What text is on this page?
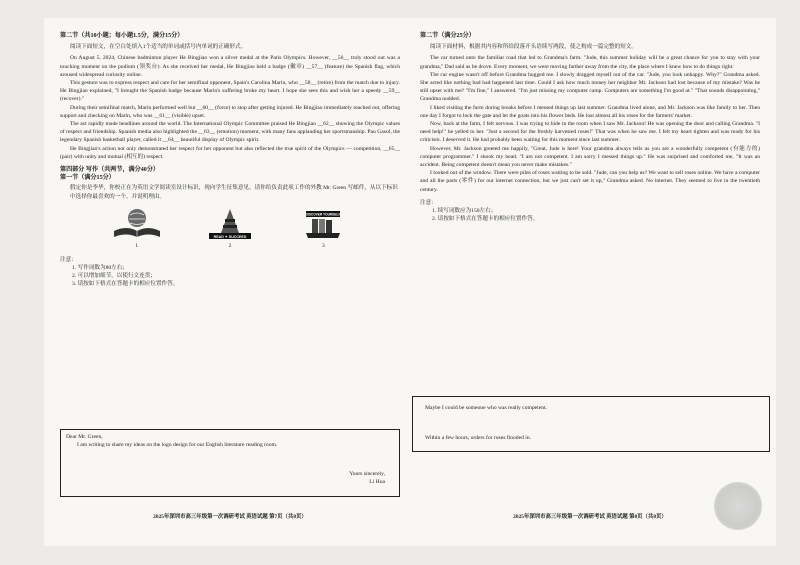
第二节（共10小题；每小题1.5分，满分15分）
阅读下面短文，在空白处填入1个适当的单词或括号内单词的正确形式。

On August 5, 2024, Chinese badminton player He Bingjiao won a silver medal at the Paris Olympics. However, __56__ truly stood out was a touching moment on the podium (领奖台). As she received her medal, He Bingjiao held a badge (徽章) __57__ (feature) the Spanish flag, which aroused widespread curiosity online.

This gesture was to express respect and care for her semifinal opponent, Spain's Carolina Marin, who __58__ (retire) from the match due to injury. He Bingjiao explained, "I brought the Spanish badge because Marin's suffering broke my heart. I hope she sees this and wish her a speedy __59__ (recover)."

During their semifinal match, Marin performed well but __60__ (force) to stop after getting injured. He Bingjiao immediately reached out, offering support and checking on Marin, who was __61__ (visible) upset.

The act rapidly made headlines around the world. The International Olympic Committee praised He Bingjiao __62__ showing the Olympic values of respect and friendship. Spanish media also highlighted the __63__ (emotion) moment, with many fans applauding her sportsmanship. Pau Gasol, the legendary Spanish basketball player, called it __64__ beautiful display of Olympic spirit.

He Bingjiao's action not only demonstrated her respect for her opponent but also reflected the true spirit of the Olympics — competition, __65__ (pair) with unity and mutual (相互的) respect.

第四部分 写作（共两节，满分40分）
第一节（满分15分）
假定你是李华，你校正在为英语文学阅读室设计标识，现向学生征集意见。请你给负责此项工作的外教 Mr. Green 写邮件，从以下标识中选择你最喜欢的一个，并说明理由。
1
READ ✦ SUCCEED
2
DISCOVER YOURSELF
3
注意：
1. 写作词数为80左右；
2. 可以增加细节，以使行文连贯；
3. 请按如下格式在答题卡的相应位置作答。
Dear Mr. Green,
I am writing to share my ideas on the logo design for our English literature reading room.
Yours sincerely,
Li Hua
2025年深圳市高三年级第一次调研考试 英语试题 第7页（共8页）
第二节（满分25分）
阅读下面材料，根据其内容和所给段落开头语续写两段，使之构成一篇完整的短文。

The car turned onto the familiar road that led to Grandma's farm. "Jude, this summer holiday will be a great chance for you to stay with your grandma," Dad said as he drove. Every moment, we were moving farther away from the city, the place where I knew how to do things right.

The car engine wasn't off before Grandma hugged me. I slowly dragged myself out of the car. "Jude, you look unhappy. Why?" Grandma asked. She acted like nothing bad had happened last time. Could I ask how much money her neighbor Mr. Jackson had lost because of my mistake? Was he still upset with me? "I'm fine," I answered. "I'm just missing my computer camp. Computers are something I'm good at." "That sounds disappointing," Grandma nodded.

I liked visiting the farm during breaks before I messed things up last summer. Grandma lived alone, and Mr. Jackson was like family to her. Then one day I forgot to lock the gate and let the goats into his flower beds. He lost almost all his roses for the farmers' market.

Now, back at the farm, I felt nervous. I was trying to hide in the room when I saw Mr. Jackson! He was opening the door and calling Grandma. "I need help!" he yelled to her. "Just a second for the freshly harvested roses!" That was when he saw me. I felt my heart tighten and was ready for his criticism. I deserved it. He had probably been waiting for this moment since last summer.

However, Mr. Jackson greeted me happily, "Great, Jude is here! Your grandma always tells us you are a wonderfully competent (有能力的) computer programmer." I shook my head. "I am not competent. I am sorry I messed things up." He was surprised and comforted me, "It was an accident. Being competent doesn't mean you never make mistakes."

I looked out of the window. There were piles of roses waiting to be sold. "Jude, can you help us? We want to sell roses online. We have a computer and all the parts (零件) for our internet connection, but we just can't set it up," Grandma asked. No internet. They seemed to live in the twentieth century.

注意：
1. 续写词数应为150左右；
2. 请按如下格式在答题卡的相应位置作答。
Maybe I could be someone who was really competent.
Within a few hours, orders for roses flooded in.
2025年深圳市高三年级第一次调研考试 英语试题 第8页（共8页）
